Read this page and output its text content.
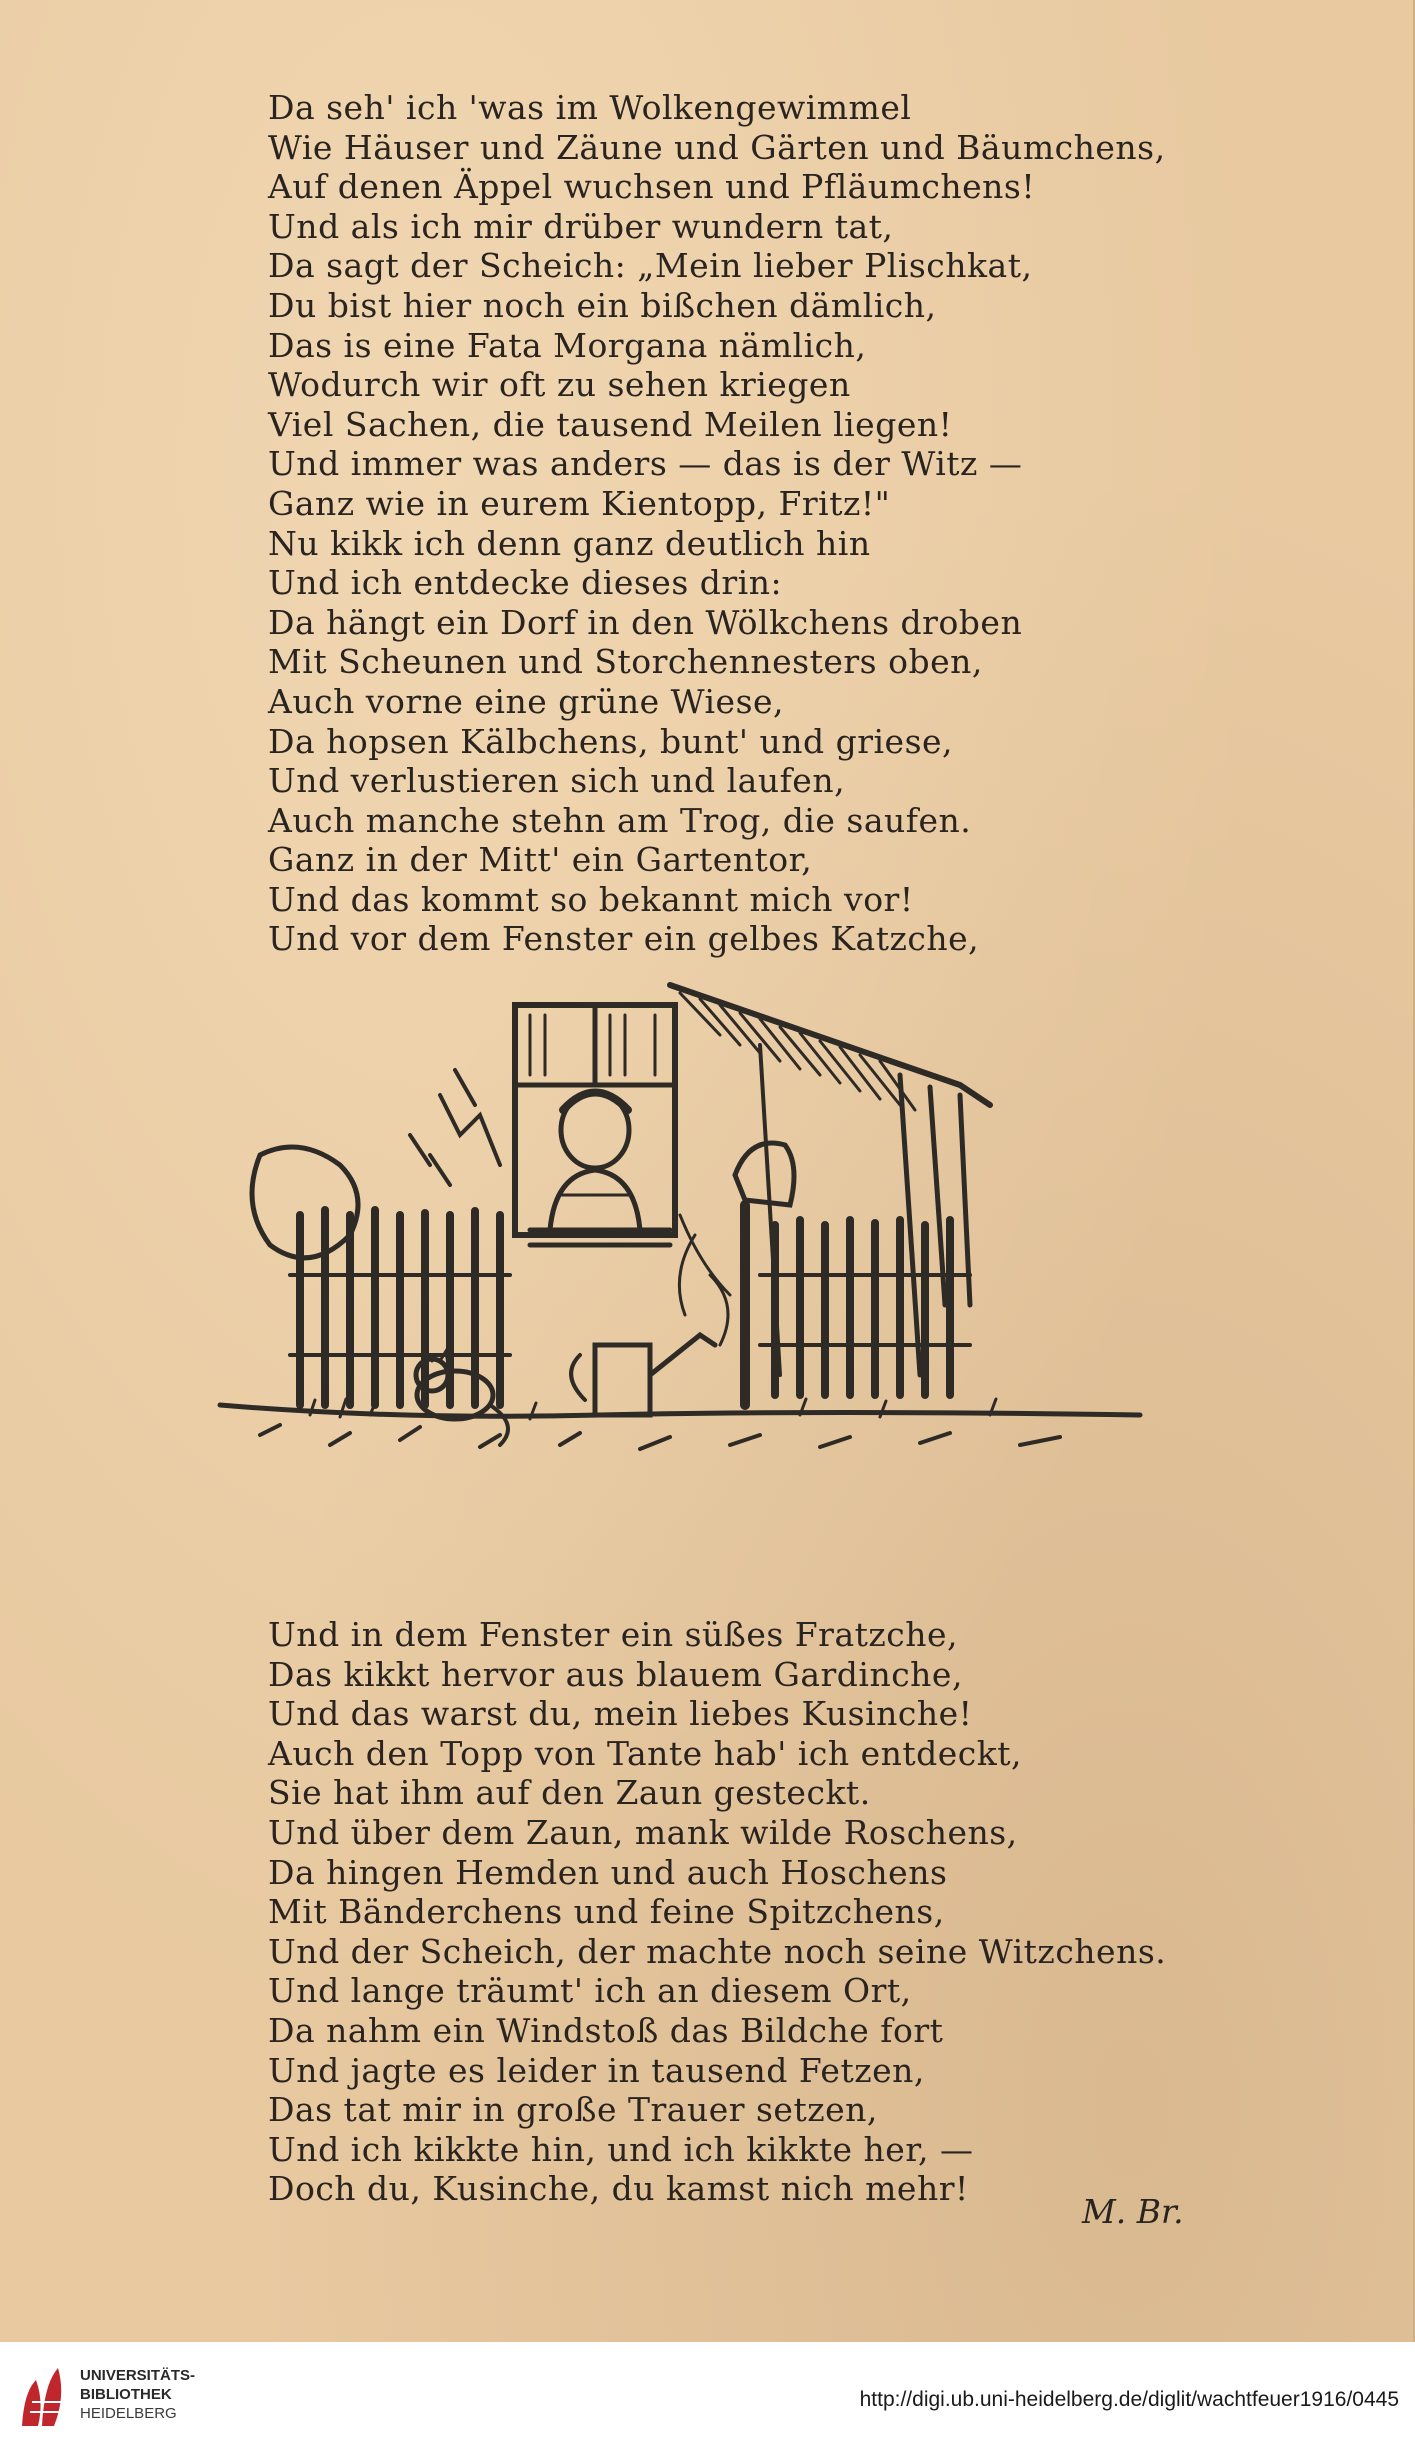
Da seh' ich 'was im Wolkengewimmel
Wie Häuser und Zäune und Gärten und Bäumchens,
Auf denen Äppel wuchsen und Pfläumchens!
Und als ich mir drüber wundern tat,
Da sagt der Scheich: „Mein lieber Plischkat,
Du bist hier noch ein bißchen dämlich,
Das is eine Fata Morgana nämlich,
Wodurch wir oft zu sehen kriegen
Viel Sachen, die tausend Meilen liegen!
Und immer was anders — das is der Witz —
Ganz wie in eurem Kientopp, Fritz!"
Nu kikk ich denn ganz deutlich hin
Und ich entdecke dieses drin:
Da hängt ein Dorf in den Wölkchens droben
Mit Scheunen und Storchennesters oben,
Auch vorne eine grüne Wiese,
Da hopsen Kälbchens, bunt' und griese,
Und verlustieren sich und laufen,
Auch manche stehn am Trog, die saufen.
Ganz in der Mitt' ein Gartentor,
Und das kommt so bekannt mich vor!
Und vor dem Fenster ein gelbes Katzche,
Und in dem Fenster ein süßes Fratzche,
Das kikkt hervor aus blauem Gardinche,
Und das warst du, mein liebes Kusinche!
Auch den Topp von Tante hab' ich entdeckt,
Sie hat ihm auf den Zaun gesteckt.
Und über dem Zaun, mank wilde Roschens,
Da hingen Hemden und auch Hoschens
Mit Bänderchens und feine Spitzchens,
Und der Scheich, der machte noch seine Witzchens.
Und lange träumt' ich an diesem Ort,
Da nahm ein Windstoß das Bildche fort
Und jagte es leider in tausend Fetzen,
Das tat mir in große Trauer setzen,
Und ich kikkte hin, und ich kikkte her, —
Doch du, Kusinche, du kamst nich mehr!
M. Br.
UNIVERSITÄTS-
BIBLIOTHEK
HEIDELBERG
http://digi.ub.uni-heidelberg.de/diglit/wachtfeuer1916/0445
